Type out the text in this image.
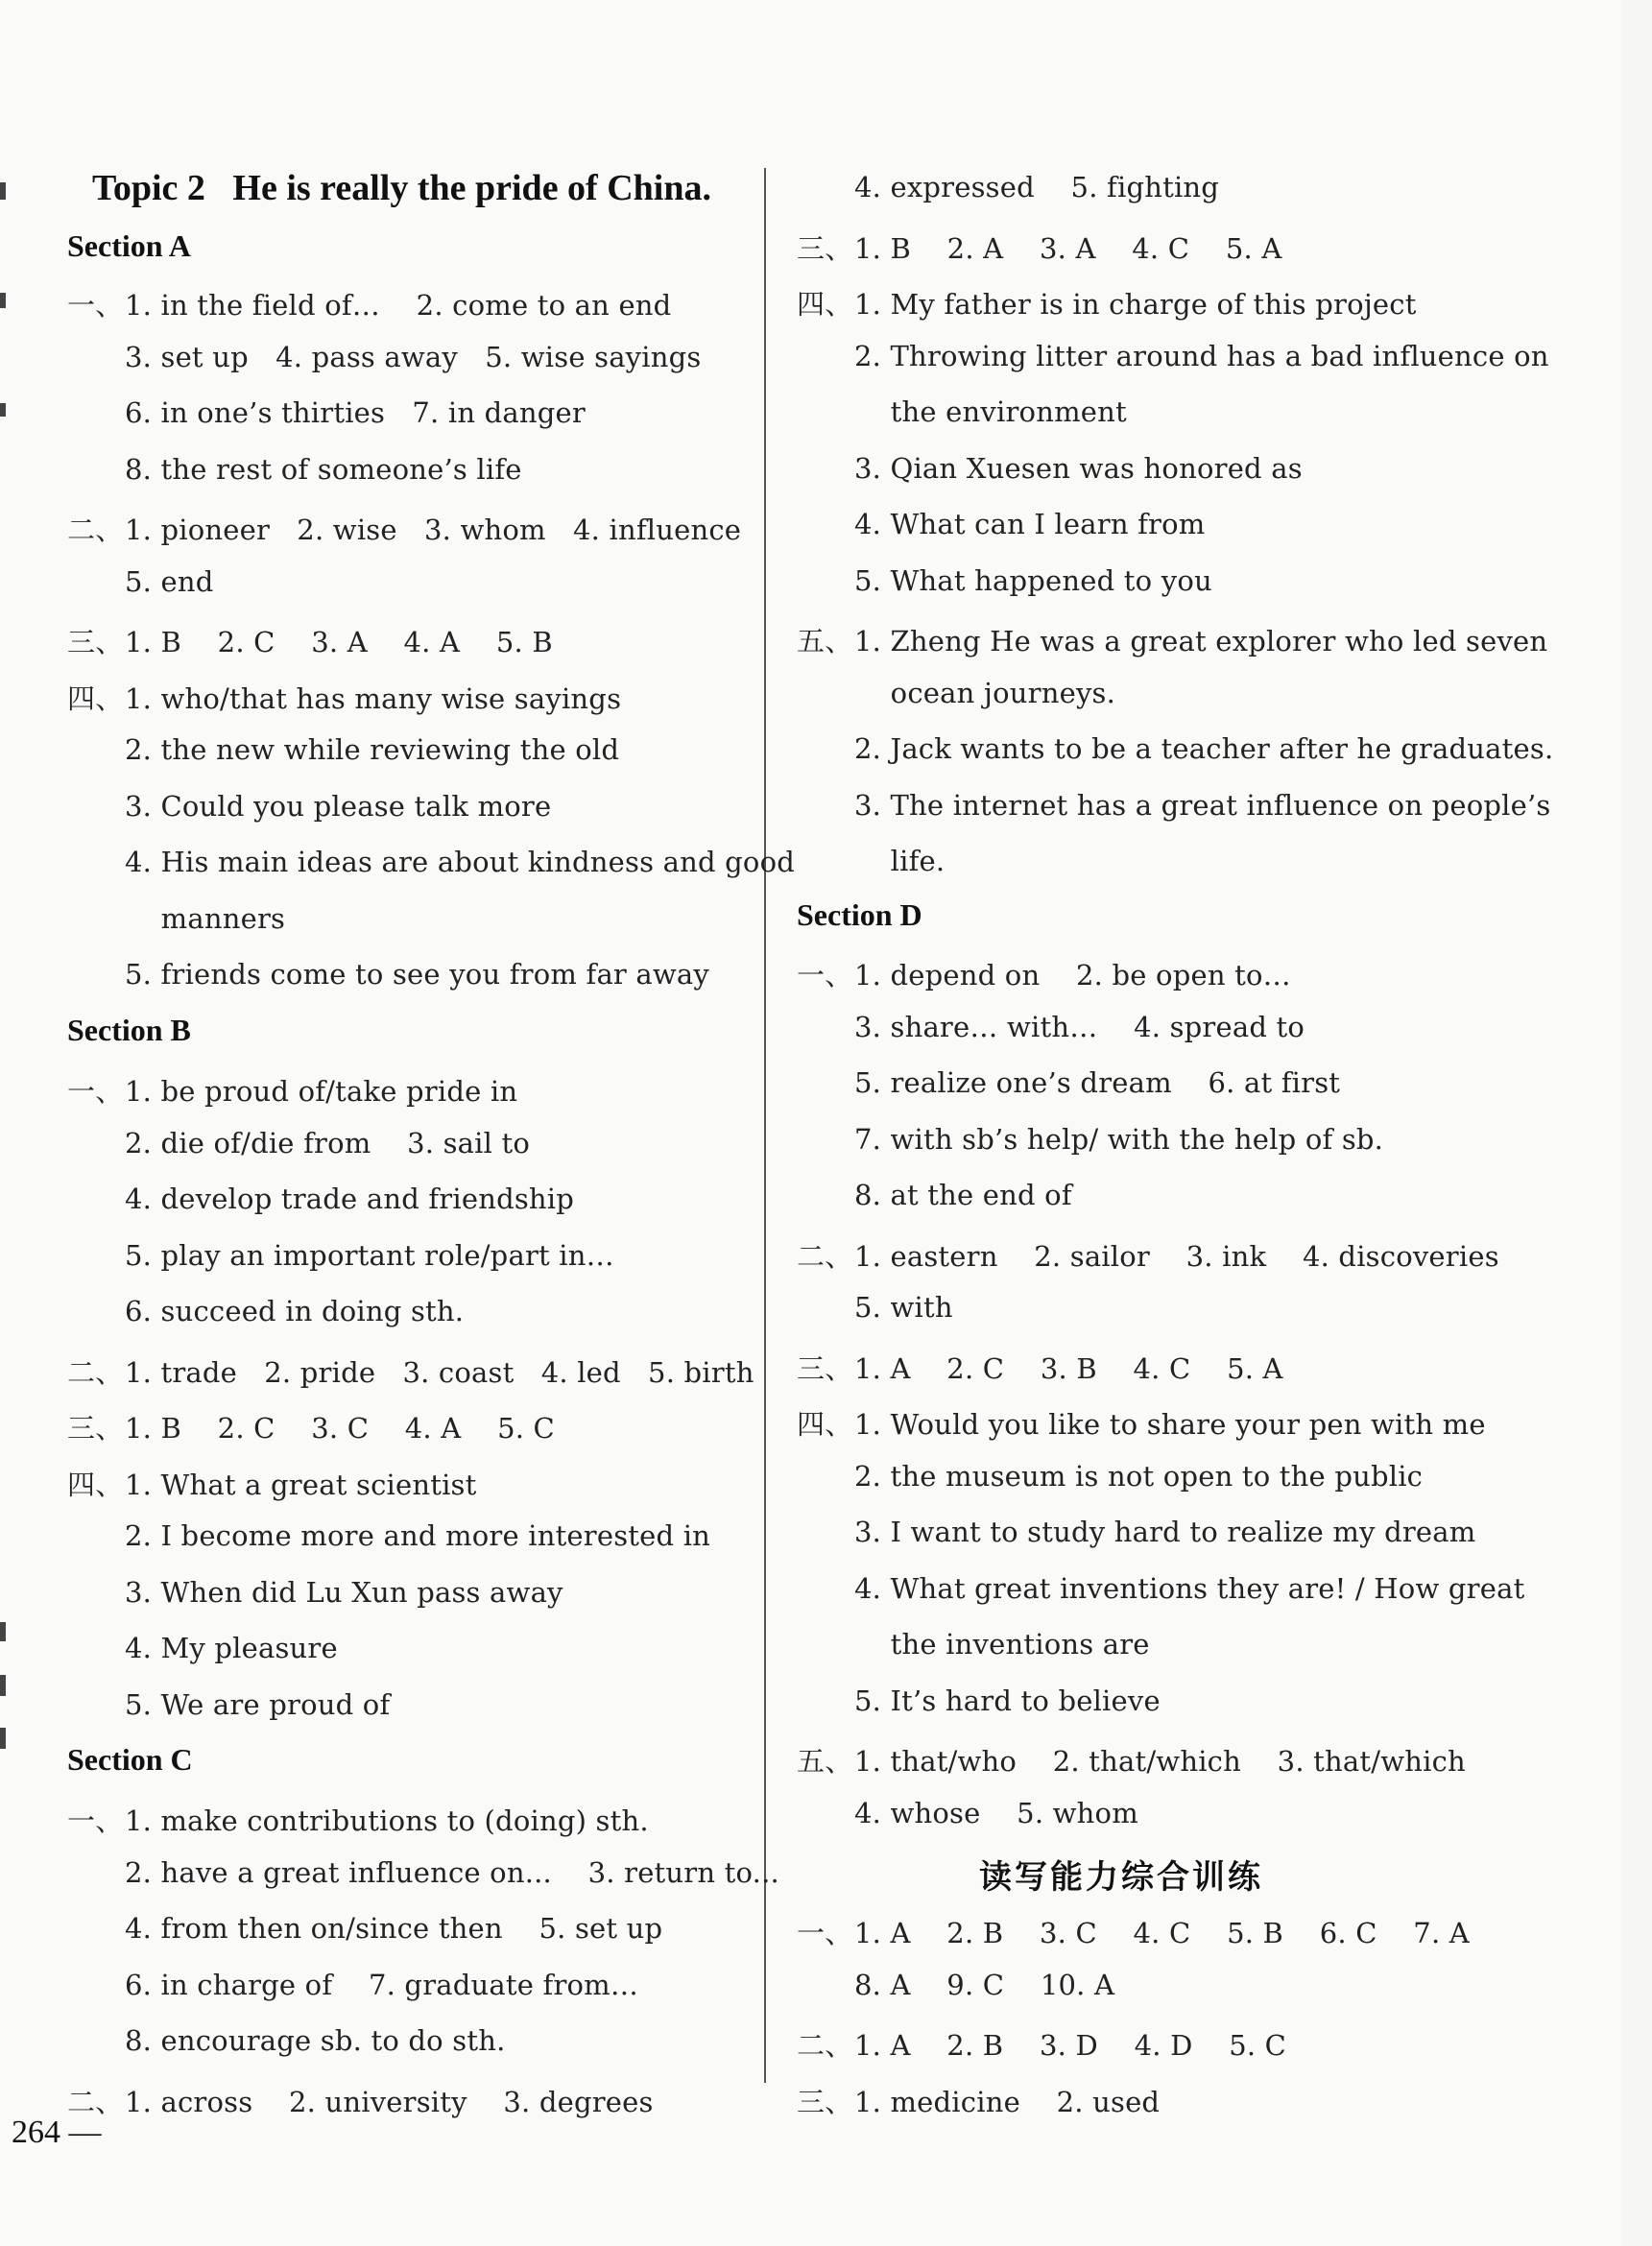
Topic 2   He is really the pride of China.
Section A
一、1. in the field of…    2. come to an end
3. set up   4. pass away   5. wise sayings
6. in one’s thirties   7. in danger
8. the rest of someone’s life
二、1. pioneer   2. wise   3. whom   4. influence
5. end
三、1. B    2. C    3. A    4. A    5. B
四、1. who/that has many wise sayings
2. the new while reviewing the old
3. Could you please talk more
4. His main ideas are about kindness and good
manners
5. friends come to see you from far away
Section B
一、1. be proud of/take pride in
2. die of/die from    3. sail to
4. develop trade and friendship
5. play an important role/part in…
6. succeed in doing sth.
二、1. trade   2. pride   3. coast   4. led   5. birth
三、1. B    2. C    3. C    4. A    5. C
四、1. What a great scientist
2. I become more and more interested in
3. When did Lu Xun pass away
4. My pleasure
5. We are proud of
Section C
一、1. make contributions to (doing) sth.
2. have a great influence on...    3. return to...
4. from then on/since then    5. set up
6. in charge of    7. graduate from…
8. encourage sb. to do sth.
二、1. across    2. university    3. degrees
4. expressed    5. fighting
三、1. B    2. A    3. A    4. C    5. A
四、1. My father is in charge of this project
2. Throwing litter around has a bad influence on
the environment
3. Qian Xuesen was honored as
4. What can I learn from
5. What happened to you
五、1. Zheng He was a great explorer who led seven
ocean journeys.
2. Jack wants to be a teacher after he graduates.
3. The internet has a great influence on people’s
life.
Section D
一、1. depend on    2. be open to…
3. share… with…    4. spread to
5. realize one’s dream    6. at first
7. with sb’s help/ with the help of sb.
8. at the end of
二、1. eastern    2. sailor    3. ink    4. discoveries
5. with
三、1. A    2. C    3. B    4. C    5. A
四、1. Would you like to share your pen with me
2. the museum is not open to the public
3. I want to study hard to realize my dream
4. What great inventions they are! / How great
the inventions are
5. It’s hard to believe
五、1. that/who    2. that/which    3. that/which
4. whose    5. whom
读写能力综合训练
一、1. A    2. B    3. C    4. C    5. B    6. C    7. A
8. A    9. C    10. A
二、1. A    2. B    3. D    4. D    5. C
三、1. medicine    2. used
264 —
